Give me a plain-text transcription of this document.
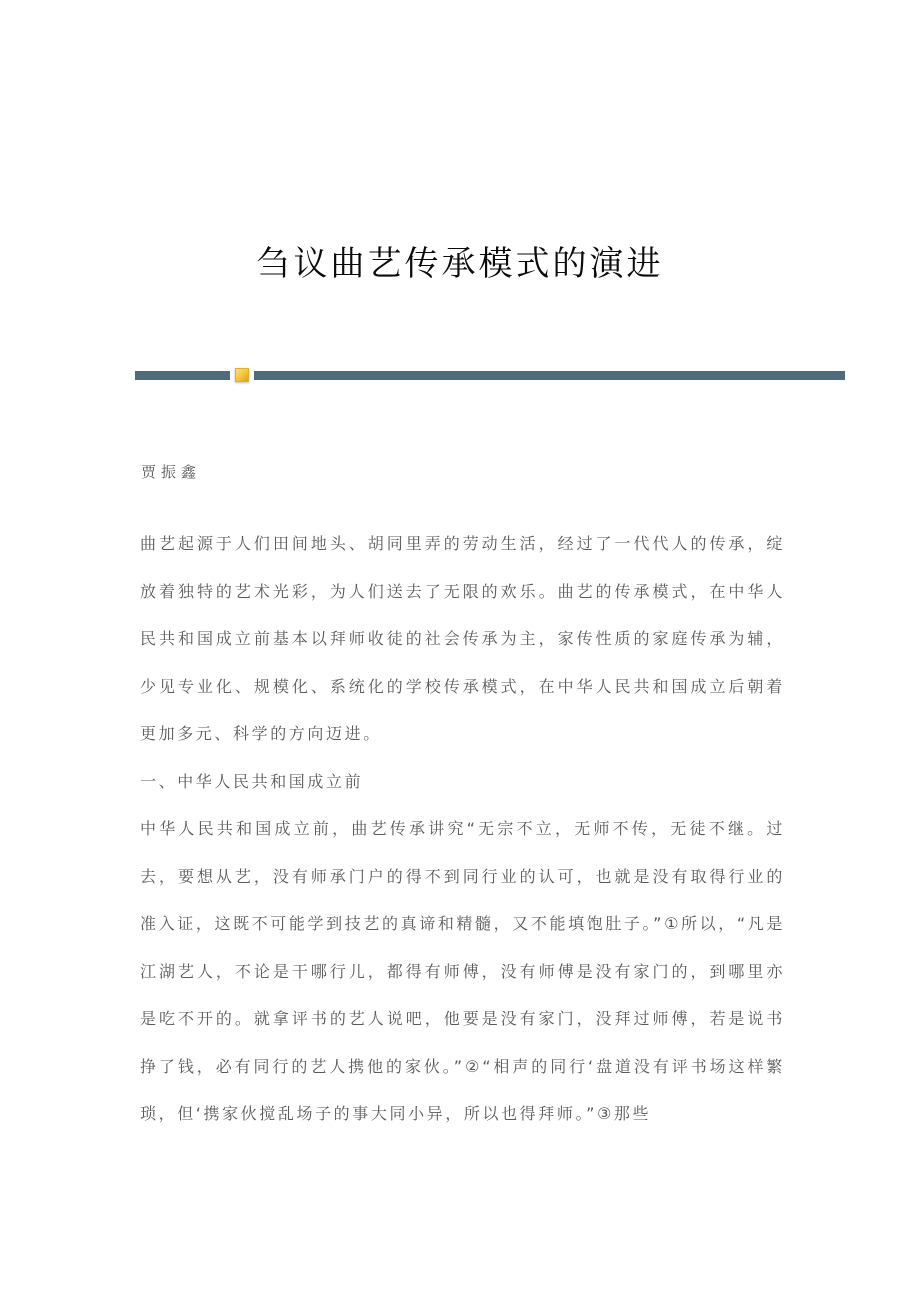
刍议曲艺传承模式的演进
贾振鑫

曲艺起源于人们田间地头、胡同里弄的劳动生活，经过了一代代人的传承，绽放着独特的艺术光彩，为人们送去了无限的欢乐。曲艺的传承模式，在中华人民共和国成立前基本以拜师收徒的社会传承为主，家传性质的家庭传承为辅，少见专业化、规模化、系统化的学校传承模式，在中华人民共和国成立后朝着更加多元、科学的方向迈进。

一、中华人民共和国成立前

中华人民共和国成立前，曲艺传承讲究“无宗不立，无师不传，无徒不继。过去，要想从艺，没有师承门户的得不到同行业的认可，也就是没有取得行业的准入证，这既不可能学到技艺的真谛和精髓，又不能填饱肚子。”①所以，“凡是江湖艺人，不论是干哪行儿，都得有师傅，没有师傅是没有家门的，到哪里亦是吃不开的。就拿评书的艺人说吧，他要是没有家门，没拜过师傅，若是说书挣了钱，必有同行的艺人携他的家伙。”②“相声的同行‘盘道没有评书场这样繁琐，但‘携家伙搅乱场子的事大同小异，所以也得拜师。”③那些
